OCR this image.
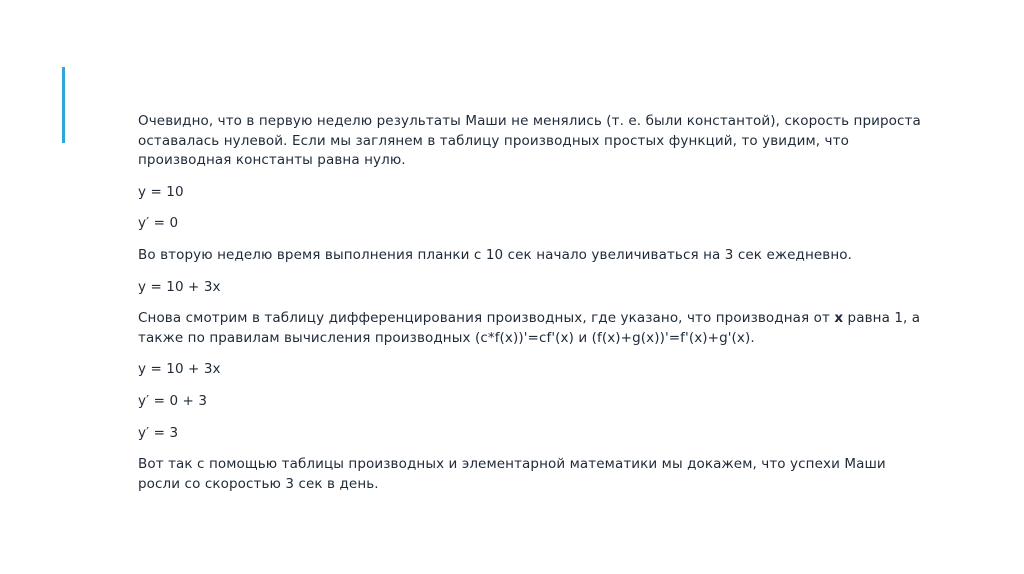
Очевидно, что в первую неделю результаты Маши не менялись (т. е. были константой), скорость прироста оставалась нулевой. Если мы заглянем в таблицу производных простых функций, то увидим, что производная константы равна нулю.

y = 10

y′ = 0

Во вторую неделю время выполнения планки с 10 сек начало увеличиваться на 3 сек ежедневно.

y = 10 + 3x

Снова смотрим в таблицу дифференцирования производных, где указано, что производная от x равна 1, а также по правилам вычисления производных (c*f(x))'=cf'(x) и (f(x)+g(x))'=f'(x)+g'(x).

y = 10 + 3x

y′ = 0 + 3

y′ = 3

Вот так с помощью таблицы производных и элементарной математики мы докажем, что успехи Маши росли со скоростью 3 сек в день.
